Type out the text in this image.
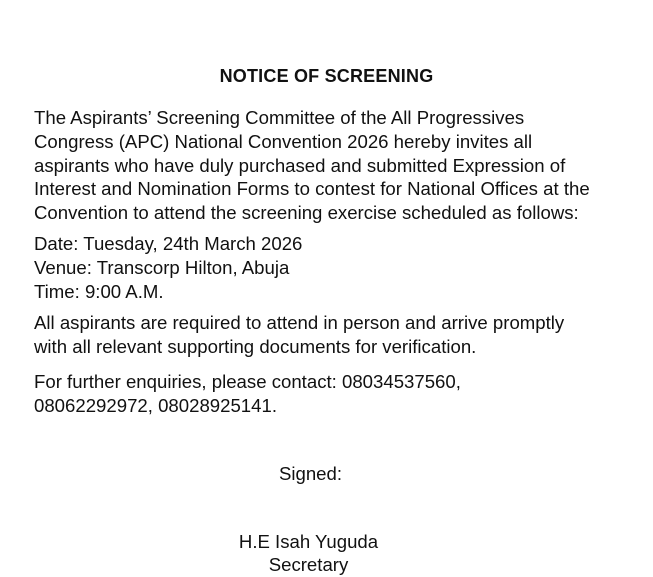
NOTICE OF SCREENING
The Aspirants’ Screening Committee of the All Progressives
Congress (APC) National Convention 2026 hereby invites all
aspirants who have duly purchased and submitted Expression of
Interest and Nomination Forms to contest for National Offices at the
Convention to attend the screening exercise scheduled as follows:
Date: Tuesday, 24th March 2026
Venue: Transcorp Hilton, Abuja
Time: 9:00 A.M.
All aspirants are required to attend in person and arrive promptly
with all relevant supporting documents for verification.
For further enquiries, please contact: 08034537560,
08062292972, 08028925141.
Signed:
H.E Isah Yuguda
Secretary
